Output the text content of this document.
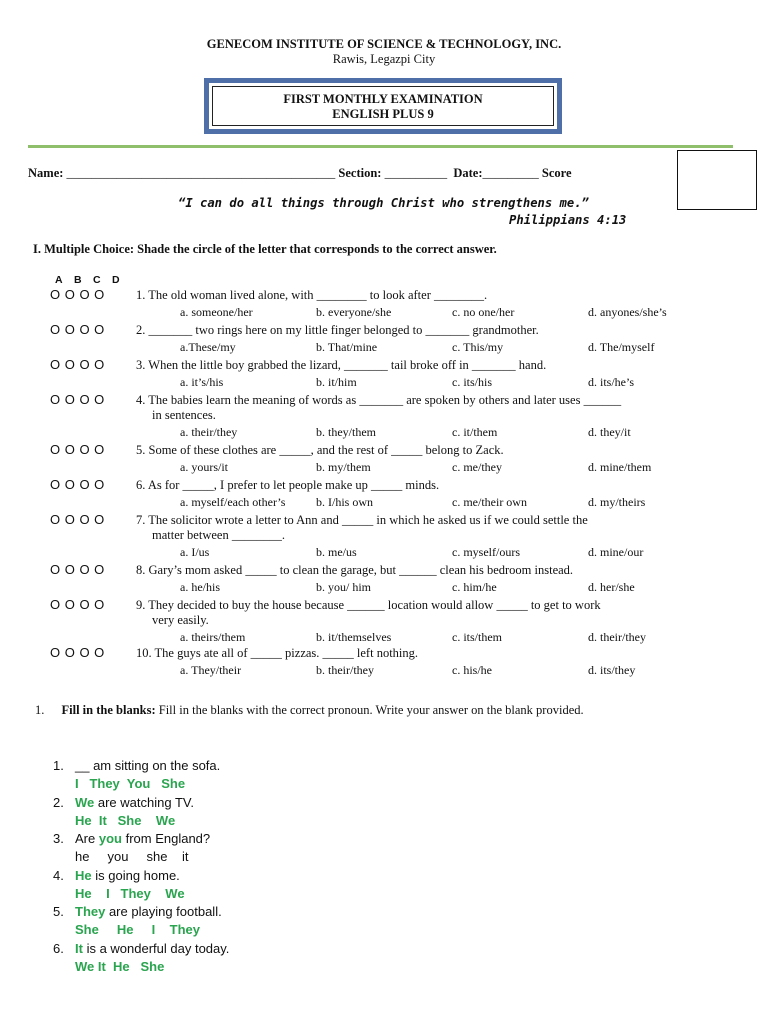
GENECOM INSTITUTE OF SCIENCE & TECHNOLOGY, INC.
Rawis, Legazpi City
FIRST MONTHLY EXAMINATION
ENGLISH PLUS 9
Name: ___________________________________________ Section: __________ Date:_________ Score
“I can do all things through Christ who strengthens me.”
Philippians 4:13
I. Multiple Choice: Shade the circle of the letter that corresponds to the correct answer.
A B C D
O O O O 1. The old woman lived alone, with ________ to look after ________.
a. someone/her	b. everyone/she	c. no one/her	d. anyones/she’s
O O O O 2. _______ two rings here on my little finger belonged to _______ grandmother.
a.These/my	b. That/mine	c. This/my	d. The/myself
O O O O 3. When the little boy grabbed the lizard, _______ tail broke off in _______ hand.
a. it’s/his	b. it/him	c. its/his	d. its/he’s
O O O O 4. The babies learn the meaning of words as _______ are spoken by others and later uses ______
in sentences.
a. their/they	b. they/them	c. it/them	d. they/it
O O O O 5. Some of these clothes are _____, and the rest of _____ belong to Zack.
a. yours/it	b. my/them	c. me/they	d. mine/them
O O O O 6. As for _____, I prefer to let people make up _____ minds.
a. myself/each other’s	b. I/his own	c. me/their own	d. my/theirs
O O O O 7. The solicitor wrote a letter to Ann and _____ in which he asked us if we could settle the
matter between ________.
a. I/us	b. me/us	c. myself/ours	d. mine/our
O O O O 8. Gary’s mom asked _____ to clean the garage, but ______ clean his bedroom instead.
a. he/his	b. you/ him	c. him/he	d. her/she
O O O O 9. They decided to buy the house because ______ location would allow _____ to get to work
very easily.
a. theirs/them	b. it/themselves	c. its/them	d. their/they
O O O O 10. The guys ate all of _____ pizzas. _____ left nothing.
a. They/their	b. their/they	c. his/he	d. its/they
1. Fill in the blanks: Fill in the blanks with the correct pronoun. Write your answer on the blank provided.
1. __ am sitting on the sofa.
I   They  You   She
2. We are watching TV.
He  It   She    We
3. Are you from England?
he     you     she    it
4. He is going home.
He    I   They    We
5. They are playing football.
She     He     I    They
6. It is a wonderful day today.
We It  He   She
